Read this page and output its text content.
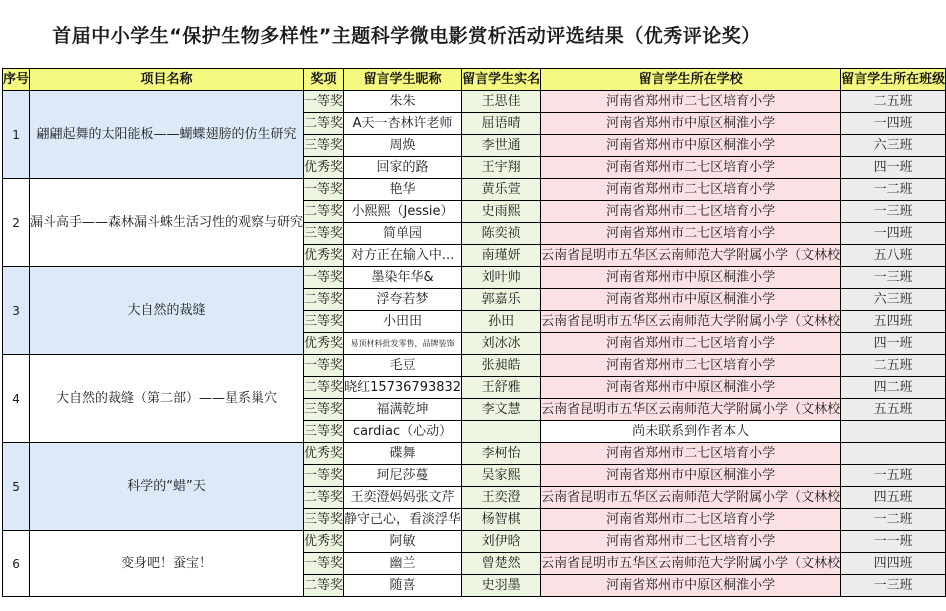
首届中小学生“保护生物多样性”主题科学微电影赏析活动评选结果（优秀评论奖）
序号	项目名称	奖项	留言学生昵称	留言学生实名	留言学生所在学校	留言学生所在班级
1	翩翩起舞的太阳能板——蝴蝶翅膀的仿生研究	一等奖	朱朱	王思佳	河南省郑州市二七区培育小学	二五班
		二等奖	A天一杏林许老师	屈语晴	河南省郑州市中原区桐淮小学	一四班
		三等奖	周焕	李世通	河南省郑州市中原区桐淮小学	六三班
		优秀奖	回家的路	王宇翔	河南省郑州市二七区培育小学	四一班
2	漏斗高手——森林漏斗蛛生活习性的观察与研究	一等奖	艳华	黄乐萱	河南省郑州市二七区培育小学	一二班
		二等奖	小熙熙（Jessie）	史雨熙	河南省郑州市二七区培育小学	一三班
		三等奖	简单园	陈奕祯	河南省郑州市二七区培育小学	一四班
		优秀奖	对方正在输入中...	南瑾妍	云南省昆明市五华区云南师范大学附属小学（文林校	五八班
3	大自然的裁缝	一等奖	墨染年华&	刘叶帅	河南省郑州市中原区桐淮小学	一三班
		二等奖	浮夸若梦	郭嘉乐	河南省郑州市中原区桐淮小学	六三班
		三等奖	小田田	孙田	云南省昆明市五华区云南师范大学附属小学（文林校	五四班
		优秀奖	易顶材料批发零售，品牌装饰	刘冰冰	河南省郑州市二七区培育小学	四一班
4	大自然的裁缝（第二部）——星系巢穴	一等奖	毛豆	张昶皓	河南省郑州市二七区培育小学	二五班
		二等奖	晓红15736793832	王舒雅	河南省郑州市中原区桐淮小学	四二班
		三等奖	福满乾坤	李文慧	云南省昆明市五华区云南师范大学附属小学（文林校	五五班
		三等奖	cardiac（心动）		尚未联系到作者本人	
5	科学的“蜡”天	优秀奖	碟舞	李柯怡	河南省郑州市二七区培育小学	
		一等奖	珂尼莎蔓	吴家熙	河南省郑州市中原区桐淮小学	一五班
		二等奖	王奕澄妈妈张文芹	王奕澄	云南省昆明市五华区云南师范大学附属小学（文林校	四五班
		三等奖	静守己心，看淡浮华	杨智棋	河南省郑州市二七区培育小学	一二班
6	变身吧！蚕宝！	优秀奖	阿敏	刘伊晗	河南省郑州市二七区培育小学	一一班
		一等奖	幽兰	曾楚然	云南省昆明市五华区云南师范大学附属小学（文林校	四四班
		二等奖	随喜	史羽墨	河南省郑州市中原区桐淮小学	一三班
